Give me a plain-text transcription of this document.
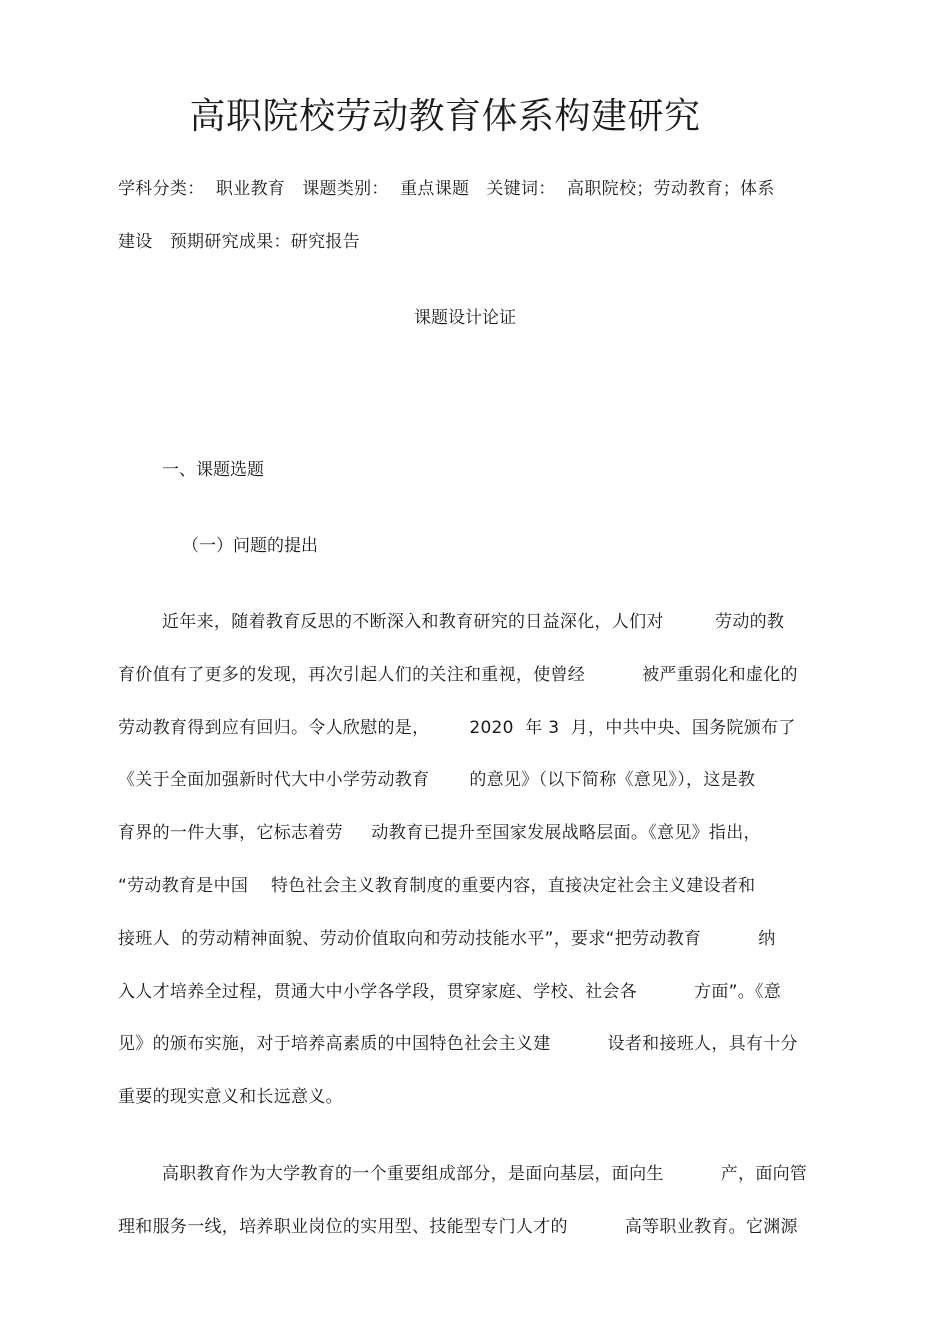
高职院校劳动教育体系构建研究
学科分类：  职业教育   课题类别：  重点课题   关键词：  高职院校；劳动教育；体系
建设   预期研究成果：研究报告
课题设计论证
一、课题选题
（一）问题的提出
近年来，随着教育反思的不断深入和教育研究的日益深化，人们对         劳动的教
育价值有了更多的发现，再次引起人们的关注和重视，使曾经          被严重弱化和虚化的
劳动教育得到应有回归。令人欣慰的是，       2020  年 3  月，中共中央、国务院颁布了
《关于全面加强新时代大中小学劳动教育       的意见》（以下简称《意见》），这是教
育界的一件大事，它标志着劳     动教育已提升至国家发展战略层面。《意见》指出，
“劳动教育是中国    特色社会主义教育制度的重要内容，直接决定社会主义建设者和
接班人  的劳动精神面貌、劳动价值取向和劳动技能水平”，要求“把劳动教育          纳
入人才培养全过程，贯通大中小学各学段，贯穿家庭、学校、社会各          方面”。《意
见》的颁布实施，对于培养高素质的中国特色社会主义建          设者和接班人，具有十分
重要的现实意义和长远意义。
高职教育作为大学教育的一个重要组成部分，是面向基层，面向生          产，面向管
理和服务一线，培养职业岗位的实用型、技能型专门人才的          高等职业教育。它渊源
